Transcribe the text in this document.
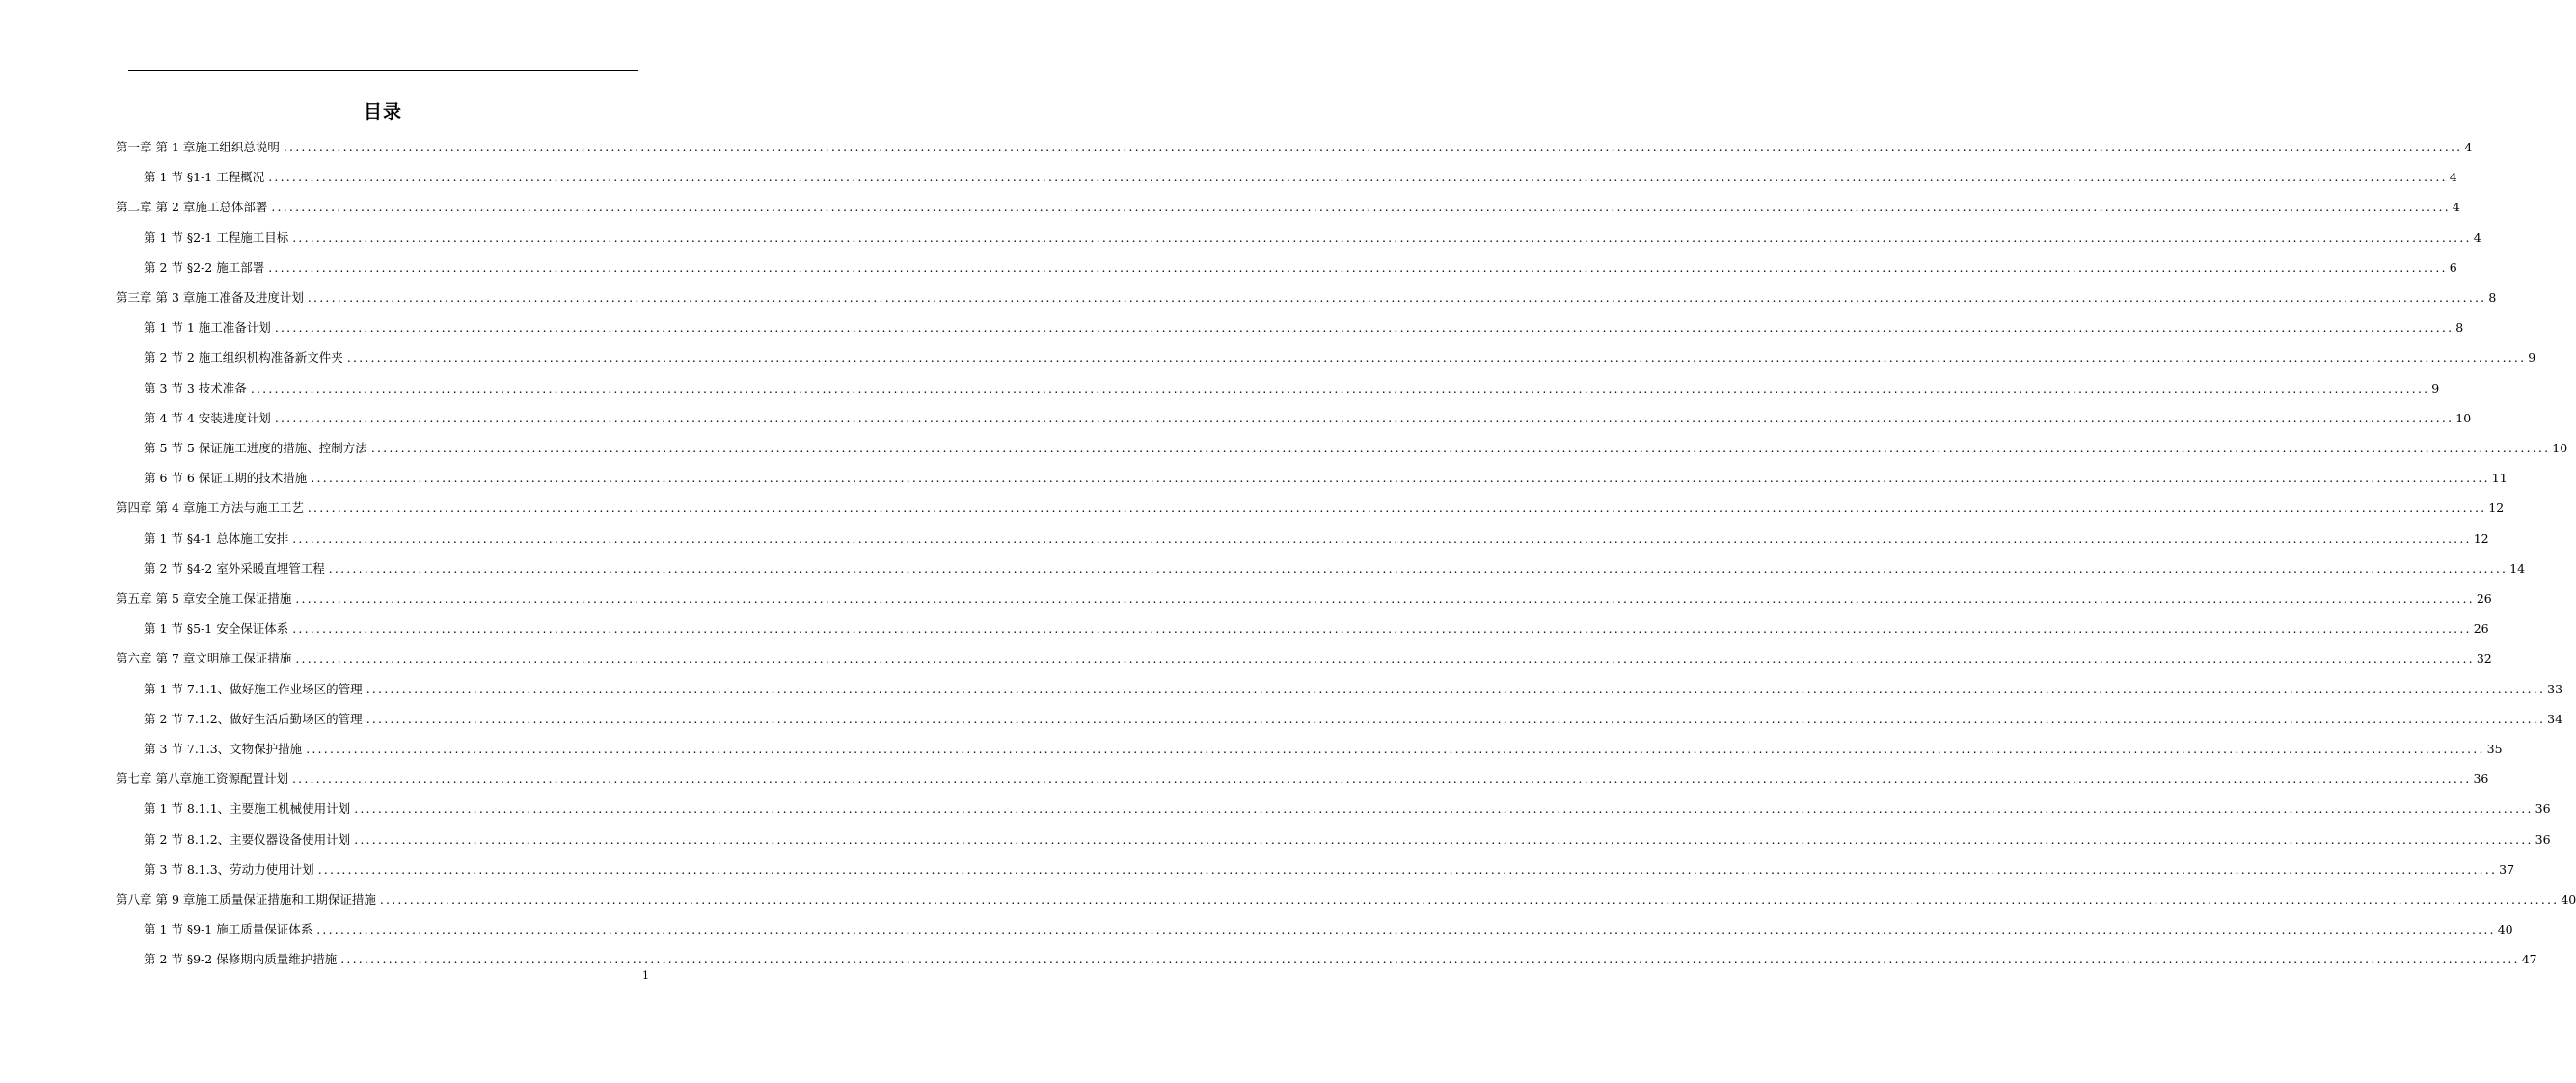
目录
第一章 第 1 章施工组织总说明 .............................................................................................................................................................................................................................................................................................................................................................................. 4
第 1 节 §1-1 工程概况 .............................................................................................................................................................................................................................................................................................................................................................................. 4
第二章 第 2 章施工总体部署 .............................................................................................................................................................................................................................................................................................................................................................................. 4
第 1 节 §2-1 工程施工目标 .............................................................................................................................................................................................................................................................................................................................................................................. 4
第 2 节 §2-2 施工部署 .............................................................................................................................................................................................................................................................................................................................................................................. 6
第三章 第 3 章施工准备及进度计划 .............................................................................................................................................................................................................................................................................................................................................................................. 8
第 1 节 1 施工准备计划 .............................................................................................................................................................................................................................................................................................................................................................................. 8
第 2 节 2 施工组织机构准备新文件夹 .............................................................................................................................................................................................................................................................................................................................................................................. 9
第 3 节 3 技术准备 .............................................................................................................................................................................................................................................................................................................................................................................. 9
第 4 节 4 安装进度计划 .............................................................................................................................................................................................................................................................................................................................................................................. 10
第 5 节 5 保证施工进度的措施、控制方法 .............................................................................................................................................................................................................................................................................................................................................................................. 10
第 6 节 6 保证工期的技术措施 .............................................................................................................................................................................................................................................................................................................................................................................. 11
第四章 第 4 章施工方法与施工工艺 .............................................................................................................................................................................................................................................................................................................................................................................. 12
第 1 节 §4-1 总体施工安排 .............................................................................................................................................................................................................................................................................................................................................................................. 12
第 2 节 §4-2 室外采暖直埋管工程 .............................................................................................................................................................................................................................................................................................................................................................................. 14
第五章 第 5 章安全施工保证措施 .............................................................................................................................................................................................................................................................................................................................................................................. 26
第 1 节 §5-1 安全保证体系 .............................................................................................................................................................................................................................................................................................................................................................................. 26
第六章 第 7 章文明施工保证措施 .............................................................................................................................................................................................................................................................................................................................................................................. 32
第 1 节 7.1.1、做好施工作业场区的管理 .............................................................................................................................................................................................................................................................................................................................................................................. 33
第 2 节 7.1.2、做好生活后勤场区的管理 .............................................................................................................................................................................................................................................................................................................................................................................. 34
第 3 节 7.1.3、文物保护措施 .............................................................................................................................................................................................................................................................................................................................................................................. 35
第七章 第八章施工资源配置计划 .............................................................................................................................................................................................................................................................................................................................................................................. 36
第 1 节 8.1.1、主要施工机械使用计划 .............................................................................................................................................................................................................................................................................................................................................................................. 36
第 2 节 8.1.2、主要仪器设备使用计划 .............................................................................................................................................................................................................................................................................................................................................................................. 36
第 3 节 8.1.3、劳动力使用计划 .............................................................................................................................................................................................................................................................................................................................................................................. 37
第八章 第 9 章施工质量保证措施和工期保证措施 .............................................................................................................................................................................................................................................................................................................................................................................. 40
第 1 节 §9-1 施工质量保证体系 .............................................................................................................................................................................................................................................................................................................................................................................. 40
第 2 节 §9-2 保修期内质量维护措施 .............................................................................................................................................................................................................................................................................................................................................................................. 47
1
